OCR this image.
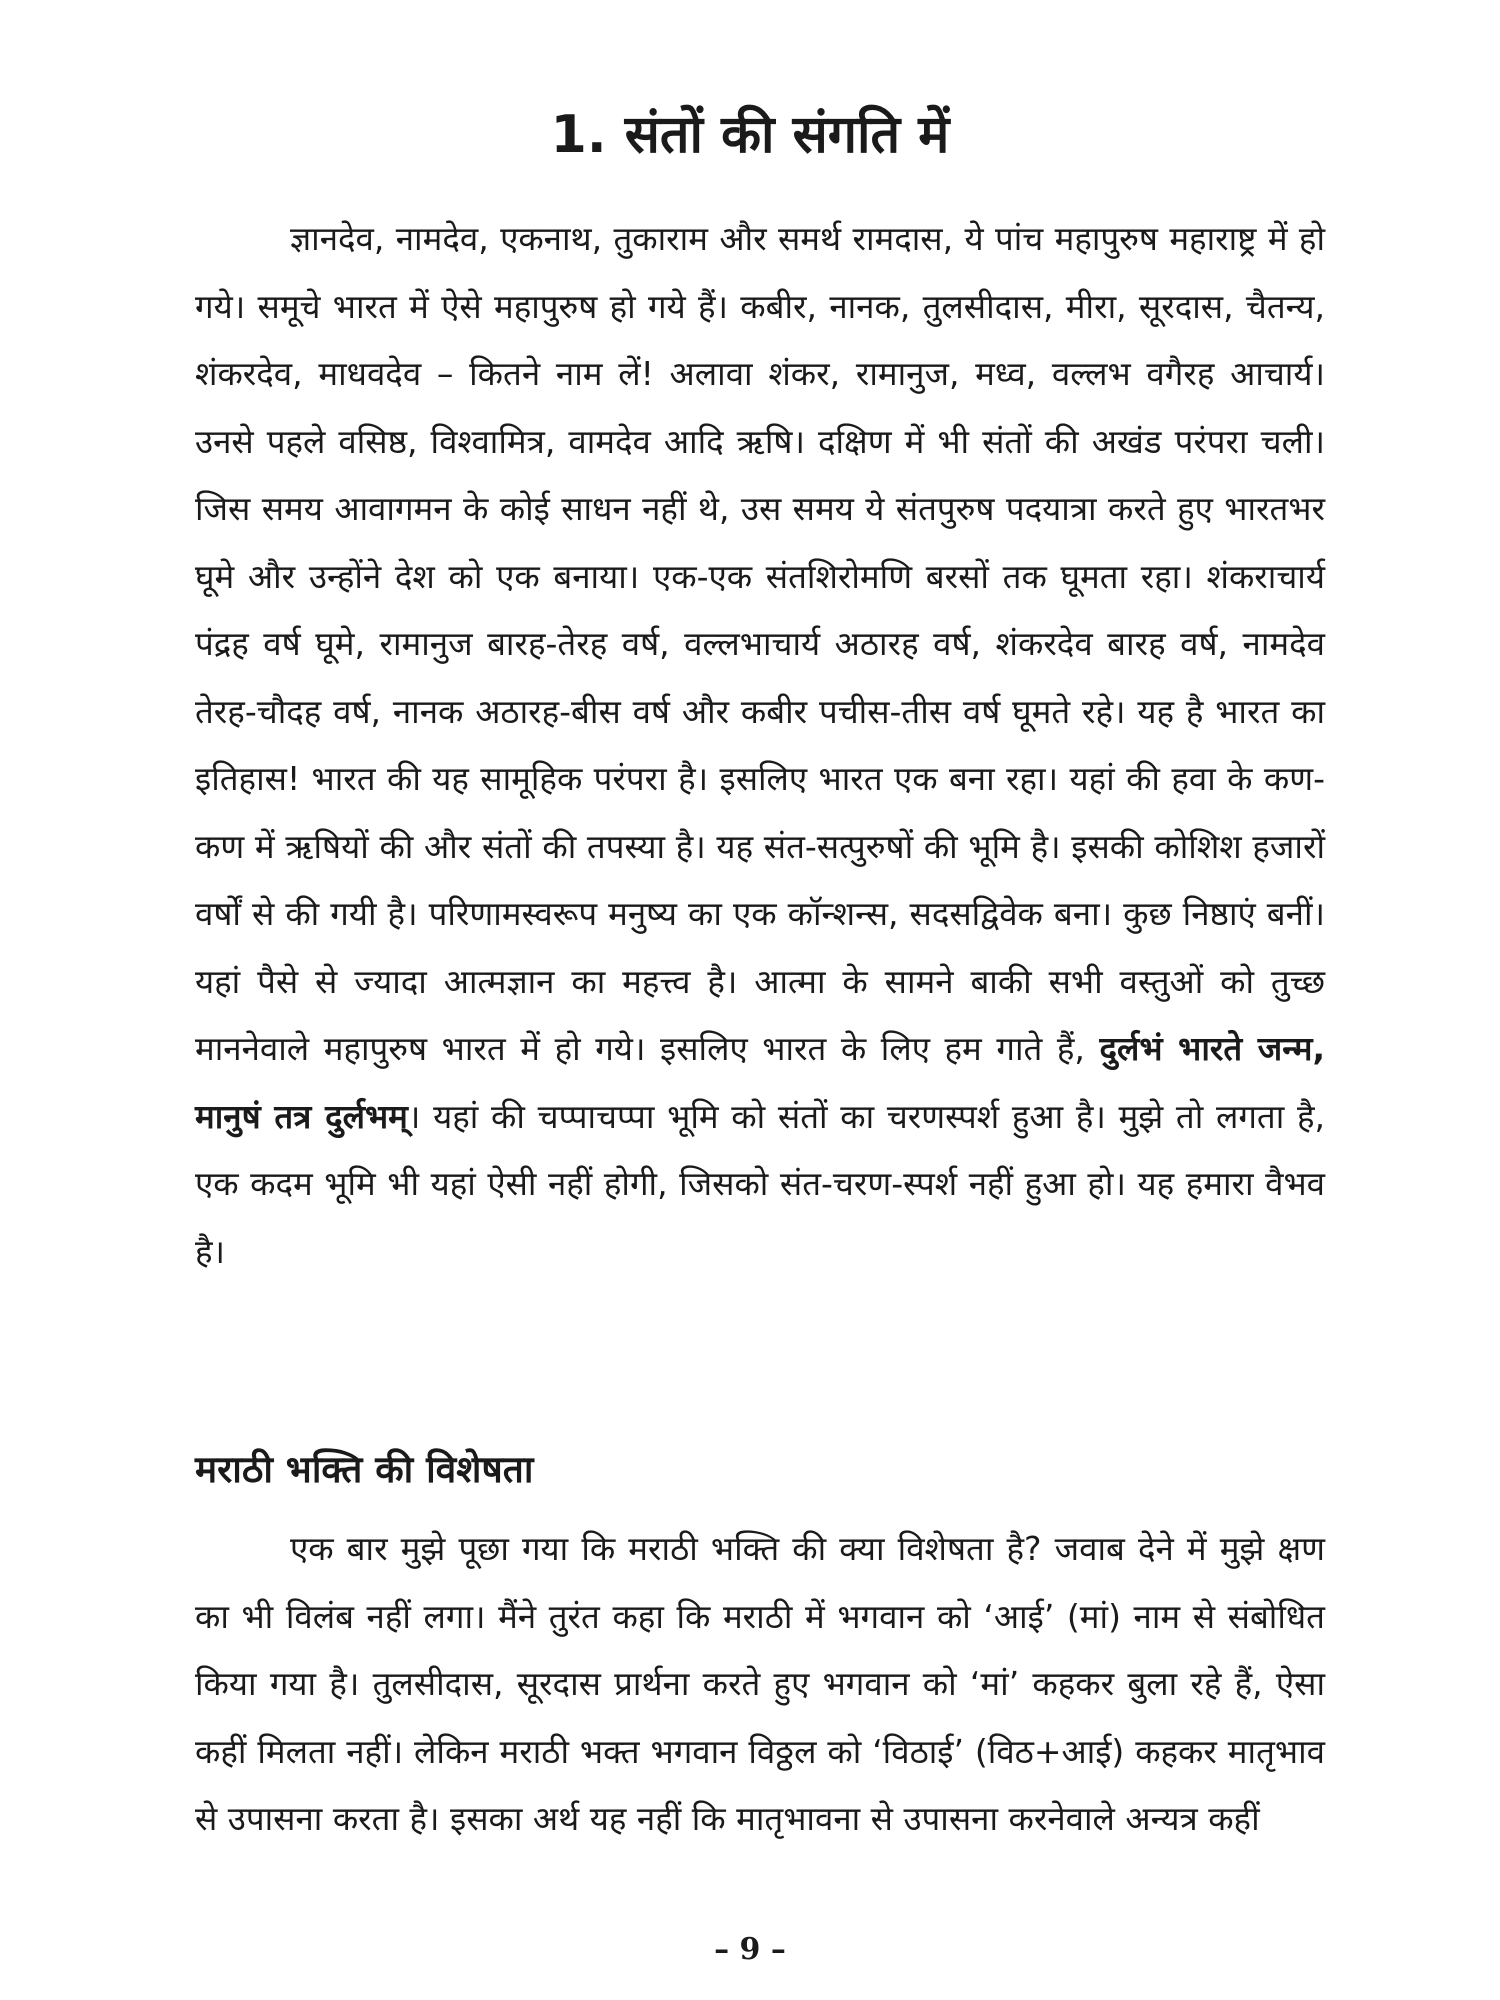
1. संतों की संगति में

ज्ञानदेव, नामदेव, एकनाथ, तुकाराम और समर्थ रामदास, ये पांच महापुरुष महाराष्ट्र में हो गये। समूचे भारत में ऐसे महापुरुष हो गये हैं। कबीर, नानक, तुलसीदास, मीरा, सूरदास, चैतन्य, शंकरदेव, माधवदेव – कितने नाम लें! अलावा शंकर, रामानुज, मध्व, वल्लभ वगैरह आचार्य। उनसे पहले वसिष्ठ, विश्वामित्र, वामदेव आदि ऋषि। दक्षिण में भी संतों की अखंड परंपरा चली। जिस समय आवागमन के कोई साधन नहीं थे, उस समय ये संतपुरुष पदयात्रा करते हुए भारतभर घूमे और उन्होंने देश को एक बनाया। एक-एक संतशिरोमणि बरसों तक घूमता रहा। शंकराचार्य पंद्रह वर्ष घूमे, रामानुज बारह-तेरह वर्ष, वल्लभाचार्य अठारह वर्ष, शंकरदेव बारह वर्ष, नामदेव तेरह-चौदह वर्ष, नानक अठारह-बीस वर्ष और कबीर पचीस-तीस वर्ष घूमते रहे। यह है भारत का इतिहास! भारत की यह सामूहिक परंपरा है। इसलिए भारत एक बना रहा। यहां की हवा के कण-कण में ऋषियों की और संतों की तपस्या है। यह संत-सत्पुरुषों की भूमि है। इसकी कोशिश हजारों वर्षों से की गयी है। परिणामस्वरूप मनुष्य का एक कॉन्शन्स, सदसद्विवेक बना। कुछ निष्ठाएं बनीं। यहां पैसे से ज्यादा आत्मज्ञान का महत्त्व है। आत्मा के सामने बाकी सभी वस्तुओं को तुच्छ माननेवाले महापुरुष भारत में हो गये। इसलिए भारत के लिए हम गाते हैं, दुर्लभं भारते जन्म, मानुषं तत्र दुर्लभम्। यहां की चप्पाचप्पा भूमि को संतों का चरणस्पर्श हुआ है। मुझे तो लगता है, एक कदम भूमि भी यहां ऐसी नहीं होगी, जिसको संत-चरण-स्पर्श नहीं हुआ हो। यह हमारा वैभव है।

मराठी भक्ति की विशेषता

एक बार मुझे पूछा गया कि मराठी भक्ति की क्या विशेषता है? जवाब देने में मुझे क्षण का भी विलंब नहीं लगा। मैंने तुरंत कहा कि मराठी में भगवान को ‘आई’ (मां) नाम से संबोधित किया गया है। तुलसीदास, सूरदास प्रार्थना करते हुए भगवान को ‘मां’ कहकर बुला रहे हैं, ऐसा कहीं मिलता नहीं। लेकिन मराठी भक्त भगवान विठ्ठल को ‘विठाई’ (विठ+आई) कहकर मातृभाव से उपासना करता है। इसका अर्थ यह नहीं कि मातृभावना से उपासना करनेवाले अन्यत्र कहीं

– 9 –
